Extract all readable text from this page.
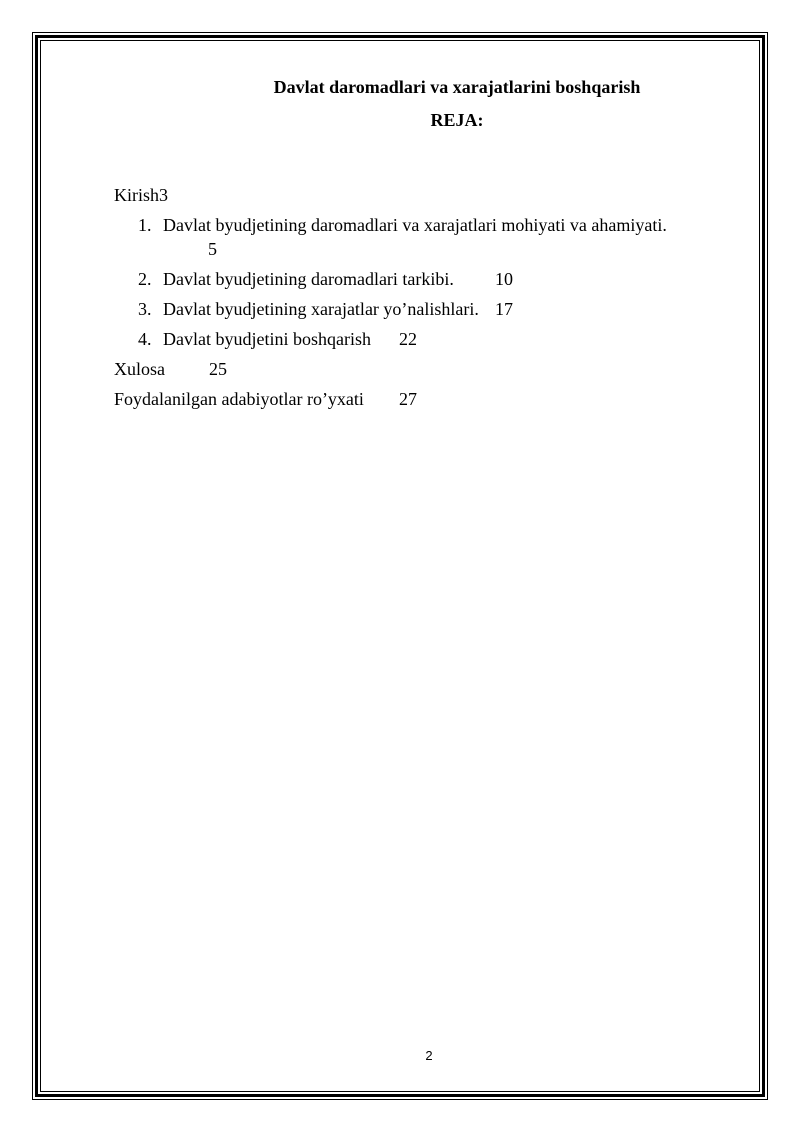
Davlat daromadlari va xarajatlarini boshqarish
REJA:
Kirish3
1. Davlat byudjetining daromadlari va xarajatlari mohiyati va ahamiyati.
5
2. Davlat byudjetining daromadlari tarkibi. 10
3. Davlat byudjetining xarajatlar yo’nalishlari. 17
4. Davlat byudjetini boshqarish 22
Xulosa 25
Foydalanilgan adabiyotlar ro’yxati 27
2
